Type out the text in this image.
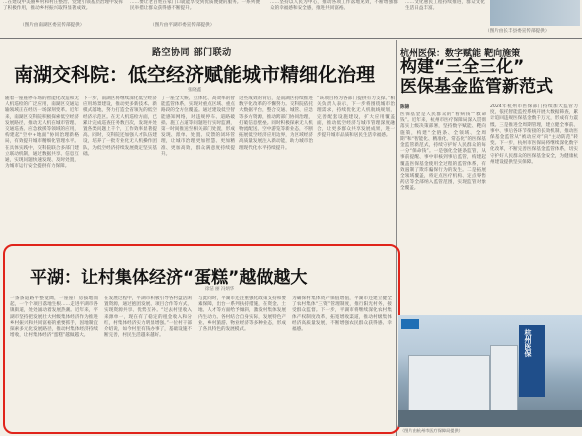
…在建设中美丽乡村和村庄整治、党建引领基层治理中发挥了积极作用，推动乡村振兴取得显著成效。
（图片由南湖区委宣传部提供）
……要让老百姓在家门口就能享受到优质便捷的服务。一系列便民举措让群众获得感不断提升。
（图片由平湖市委宣传部提供）
……坚持以人民为中心，推动各项工作落地见效，不断增强群众的幸福感和安全感，推进共同富裕。
（图片由长丰县委宣传部提供）
……文化惠民工程持续推进，群众文化生活日益丰富。
路空协同 部门联动
南湖交科院：低空经济赋能城市精细化治理
张晓鑫
随着一座座停车场的智能化改造和无人机巡检的广泛应用，南湖区交通运输领域正在经历一场深刻变革。近年来，南湖区交科院积极探索低空经济发展路径，推动无人机在城市管理、交通巡查、应急救援等领域的应用，构建起“空中+地面”协同治理新格局，有效提升城市精细化管理水平。在具体实践中，交科院联合多部门建立联动机制，通过数据共享、信息互通，实现问题快速发现、及时处置，为城市运行安全提供有力保障。
下一步，南湖区将继续深化低空经济应用场景建设，推动更多新技术、新模式落地，努力打造全省领先的低空经济示范区。在无人机巡检方面，已累计完成巡查任务数百次，发现并处置各类问题上千个，工作效率显著提高。同时，交科院还加强人才队伍建设，培养了一批专业化无人机操作团队，为低空经济持续发展奠定坚实基础。
了一座全天候、立体化、高效率的智能监管体系，实现对重点区域、重点路段的全方位覆盖。通过建设低空智能感知网络，对违规停车、道路破损、施工占道等问题进行实时监测，第一时间推送至相关部门处置，形成发现、派单、处置、反馈的闭环管理，让城市治理更加智慧、更加精准、更加高效，群众满意度持续提升。
这些成效的背后，是南湖区持续推进数字化改革的不懈努力。交科院依托大数据平台，整合交通、城管、应急等多方资源，推动跨部门协同治理，打破信息壁垒。同时积极探索无人机物流配送、空中游览等新业态，不断拓展低空经济应用边界，为区域经济高质量发展注入新动能，助力城市治理现代化水平持续提升。
“该项目将为各部门提供有力支撑。”相关负责人表示，下一步将围绕城市治理需求，持续优化无人机航线规划，完善配套设施建设，扩大应用覆盖面，推动低空经济与城市管理深度融合，让更多群众共享发展成果，进一步提升城市品质和居民生活幸福感。
平湖：让村集体经济“蛋糕”越做越大
徐洁 丽 冯炳华
一条条道路平整宽阔，一座座厂房拔地而起，一个个项目落地生根……走进平湖市各镇街道，处处涌动着发展热潮。近年来，平湖市坚持把发展壮大村级集体经济作为推进乡村振兴和共同富裕的重要抓手，因地制宜探索多元化发展路径，推动村集体经济持续增收，让村集体经济“蛋糕”越做越大。
在发展过程中，平湖市积极引导各村盘活闲置资源，通过抱团发展、项目合作等方式，实现资源共享、优势互补。“过去村里收入来源单一，现在有了稳定的租金收入和分红，村集体经济实力明显增强。”一位村干部介绍说，如今村里有钱办事了，基础设施不断完善，村民生活越来越好。
与此同时，平湖市还注重强化政策支持和要素保障，出台一系列扶持措施，在资金、土地、人才等方面给予倾斜，激发村集体发展内生动力。各村结合自身实际，发展特色产业、乡村旅游、物业经济等多种业态，形成了各具特色的发展模式。
为确保村集体资产保值增值，平湖市还建立健全了农村集体“三资”管理制度，推行阳光村务，接受群众监督。下一步，平湖市将继续深化农村集体产权制度改革，拓宽增收渠道，推动村级集体经济高质量发展，不断增强农民群众获得感、幸福感。
杭州医保：数字赋能 靶向施策
构建“三全三化”
医保基金监管新范式
陈锦
医保基金是人民群众的“看病钱”“救命钱”。近年来，杭州市医疗保障局深入贯彻落实上级决策部署，坚持数字赋能、靶向施策，构建“全链条、全领域、全周期”和“智能化、精准化、常态化”的医保基金监管新范式，持续守护好人民群众的每一分“保命钱”。一是强化全链条监管，从事前提醒、事中审核到事后监管，构建起覆盖医保基金使用全过程的监管体系，有效遏制了欺诈骗保行为的发生。二是拓展全领域覆盖，将定点医疗机构、定点零售药店等全部纳入监管范围，实现监管对象全覆盖。
2024年杭州市医保部门持续加大监管力度，依托智能监控系统开展大数据筛查，累计追回违规医保基金数千万元，形成有力震慑。三是推进全周期管理，建立健全事前、事中、事后各环节衔接的长效机制，推动医保基金监管从“被动应对”向“主动防范”转变。下一步，杭州市医保局将继续深化数字化改革，不断完善医保基金监管体系，切实守护好人民群众的医保基金安全，为健康杭州建设提供坚实保障。
杭州医保
（图片由杭州市医疗保障局提供）
